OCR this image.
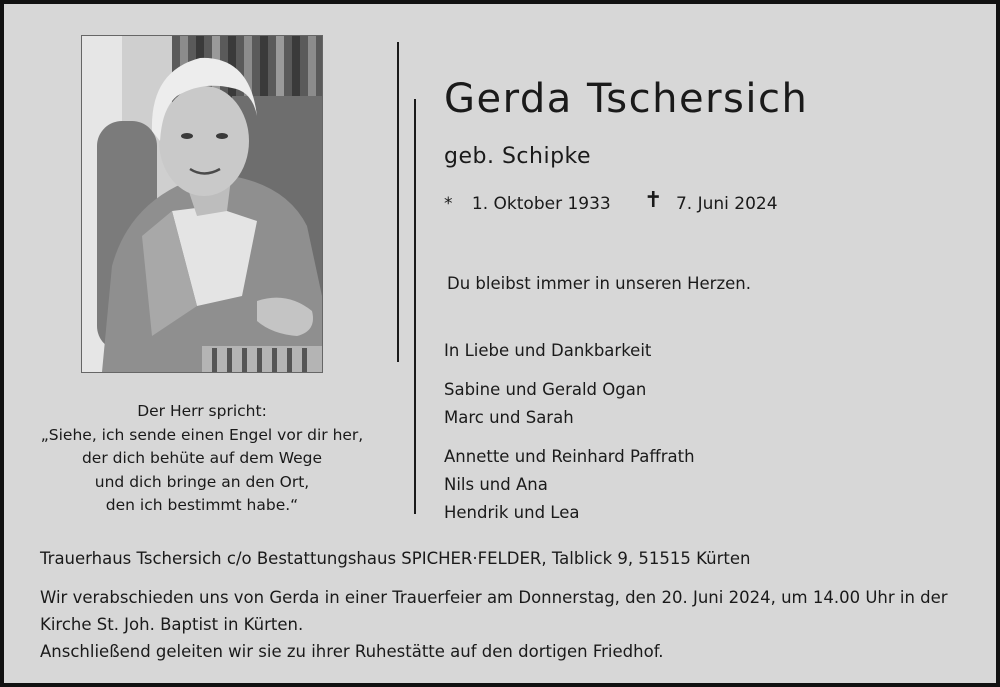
Der Herr spricht:
„Siehe, ich sende einen Engel vor dir her,
der dich behüte auf dem Wege
und dich bringe an den Ort,
den ich bestimmt habe.“
Gerda Tschersich
geb. Schipke
* 1. Oktober 1933 ✝ 7. Juni 2024
Du bleibst immer in unseren Herzen.
In Liebe und Dankbarkeit
Sabine und Gerald Ogan
Marc und Sarah
Annette und Reinhard Paffrath
Nils und Ana
Hendrik und Lea
Trauerhaus Tschersich c/o Bestattungshaus SPICHER·FELDER, Talblick 9, 51515 Kürten
Wir verabschieden uns von Gerda in einer Trauerfeier am Donnerstag, den 20. Juni 2024, um 14.00 Uhr in der
Kirche St. Joh. Baptist in Kürten.
Anschließend geleiten wir sie zu ihrer Ruhestätte auf den dortigen Friedhof.
